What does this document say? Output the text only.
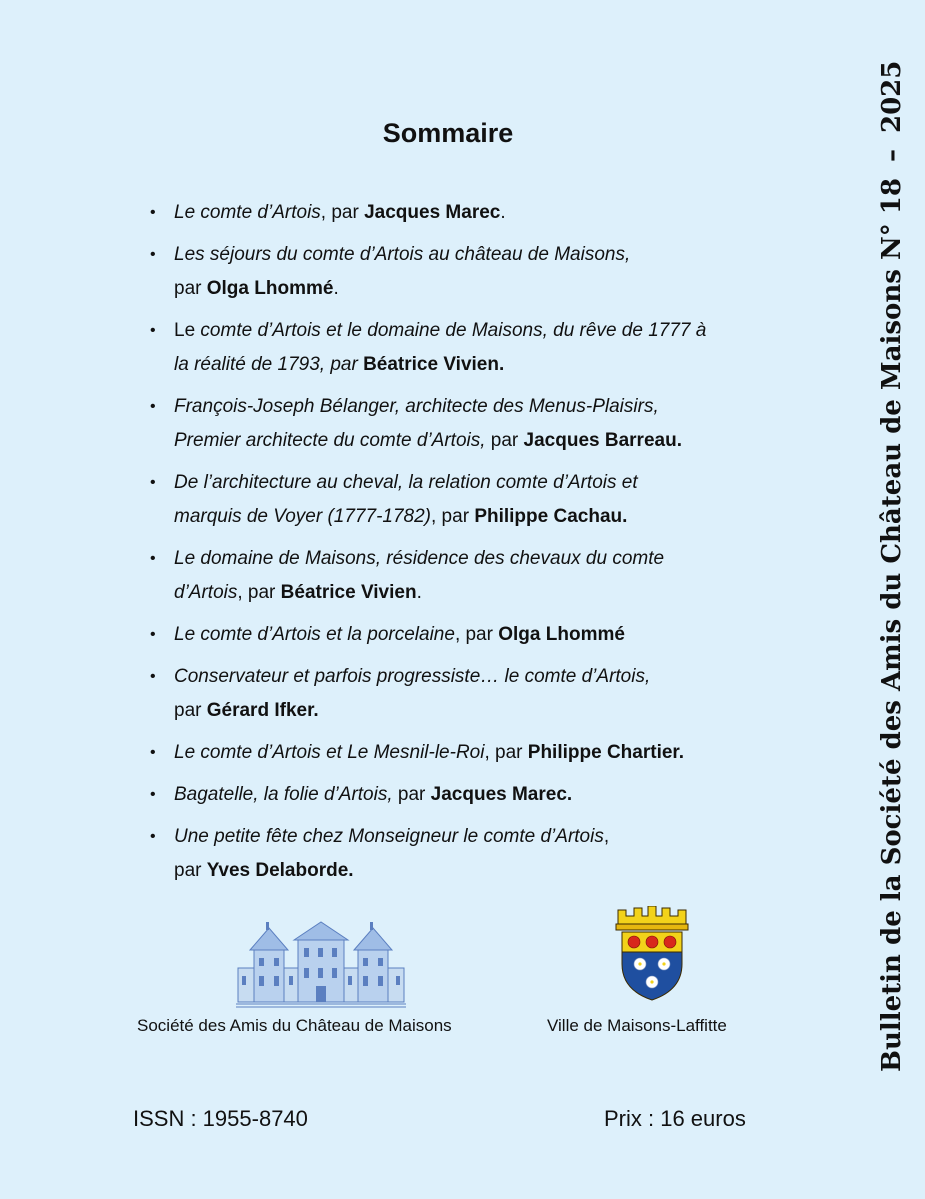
Sommaire
• Le comte d’Artois, par Jacques Marec.
• Les séjours du comte d’Artois au château de Maisons,
par Olga Lhommé.
• Le comte d’Artois et le domaine de Maisons, du rêve de 1777 à
la réalité de 1793, par Béatrice Vivien.
• François-Joseph Bélanger, architecte des Menus-Plaisirs,
Premier architecte du comte d’Artois, par Jacques Barreau.
• De l’architecture au cheval, la relation comte d’Artois et
marquis de Voyer (1777-1782), par Philippe Cachau.
• Le domaine de Maisons, résidence des chevaux du comte
d’Artois, par Béatrice Vivien.
• Le comte d’Artois et la porcelaine, par Olga Lhommé
• Conservateur et parfois progressiste… le comte d’Artois,
par Gérard Ifker.
• Le comte d’Artois et Le Mesnil-le-Roi, par Philippe Chartier.
• Bagatelle, la folie d’Artois, par Jacques Marec.
• Une petite fête chez Monseigneur le comte d’Artois,
par Yves Delaborde.
Société des Amis du Château de Maisons	Ville de Maisons-Laffitte
ISSN : 1955-8740	Prix : 16 euros
Bulletin de la Société des Amis du Château de Maisons N° 18–2025
